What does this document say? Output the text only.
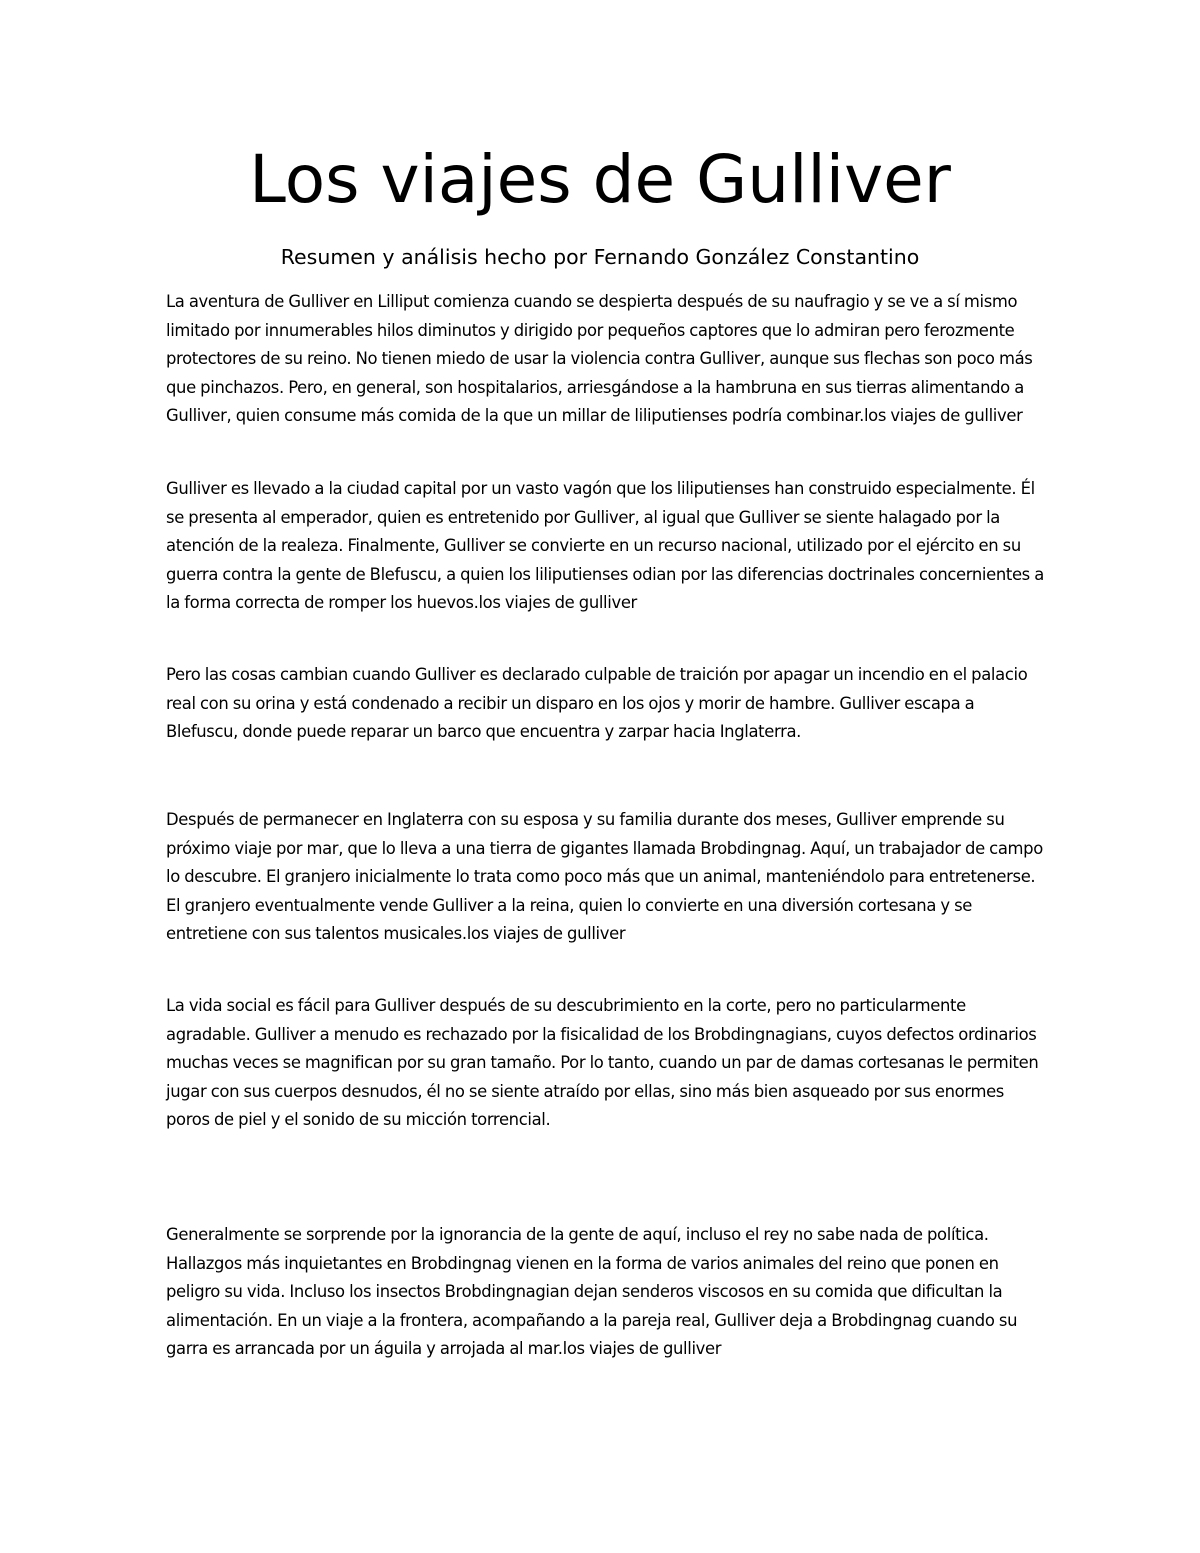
Los viajes de Gulliver
Resumen y análisis hecho por Fernando González Constantino

La aventura de Gulliver en Lilliput comienza cuando se despierta después de su naufragio y se ve a sí mismo limitado por innumerables hilos diminutos y dirigido por pequeños captores que lo admiran pero ferozmente protectores de su reino. No tienen miedo de usar la violencia contra Gulliver, aunque sus flechas son poco más que pinchazos. Pero, en general, son hospitalarios, arriesgándose a la hambruna en sus tierras alimentando a Gulliver, quien consume más comida de la que un millar de liliputienses podría combinar.los viajes de gulliver

Gulliver es llevado a la ciudad capital por un vasto vagón que los liliputienses han construido especialmente. Él se presenta al emperador, quien es entretenido por Gulliver, al igual que Gulliver se siente halagado por la atención de la realeza. Finalmente, Gulliver se convierte en un recurso nacional, utilizado por el ejército en su guerra contra la gente de Blefuscu, a quien los liliputienses odian por las diferencias doctrinales concernientes a la forma correcta de romper los huevos.los viajes de gulliver

Pero las cosas cambian cuando Gulliver es declarado culpable de traición por apagar un incendio en el palacio real con su orina y está condenado a recibir un disparo en los ojos y morir de hambre. Gulliver escapa a Blefuscu, donde puede reparar un barco que encuentra y zarpar hacia Inglaterra.

Después de permanecer en Inglaterra con su esposa y su familia durante dos meses, Gulliver emprende su próximo viaje por mar, que lo lleva a una tierra de gigantes llamada Brobdingnag. Aquí, un trabajador de campo lo descubre. El granjero inicialmente lo trata como poco más que un animal, manteniéndolo para entretenerse. El granjero eventualmente vende Gulliver a la reina, quien lo convierte en una diversión cortesana y se entretiene con sus talentos musicales.los viajes de gulliver

La vida social es fácil para Gulliver después de su descubrimiento en la corte, pero no particularmente agradable. Gulliver a menudo es rechazado por la fisicalidad de los Brobdingnagians, cuyos defectos ordinarios muchas veces se magnifican por su gran tamaño. Por lo tanto, cuando un par de damas cortesanas le permiten jugar con sus cuerpos desnudos, él no se siente atraído por ellas, sino más bien asqueado por sus enormes poros de piel y el sonido de su micción torrencial.

Generalmente se sorprende por la ignorancia de la gente de aquí, incluso el rey no sabe nada de política. Hallazgos más inquietantes en Brobdingnag vienen en la forma de varios animales del reino que ponen en peligro su vida. Incluso los insectos Brobdingnagian dejan senderos viscosos en su comida que dificultan la alimentación. En un viaje a la frontera, acompañando a la pareja real, Gulliver deja a Brobdingnag cuando su garra es arrancada por un águila y arrojada al mar.los viajes de gulliver
